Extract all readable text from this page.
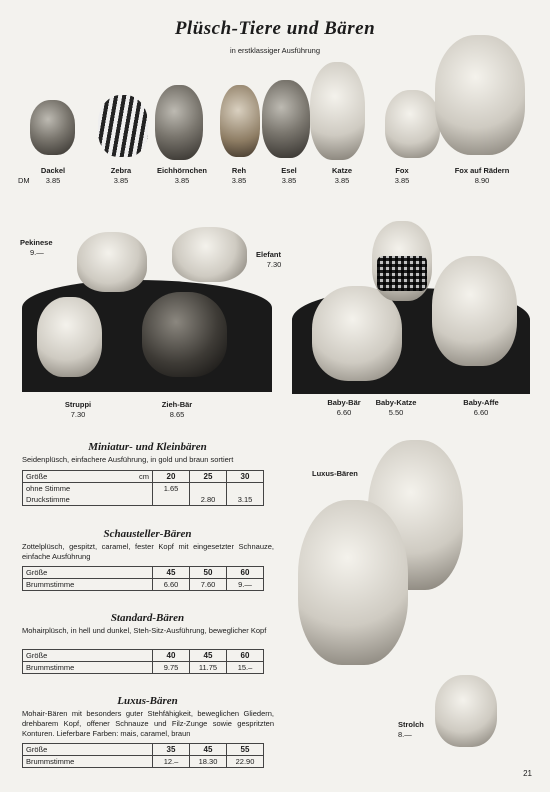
Plüsch-Tiere und Bären
in erstklassiger Ausführung
DM
Dackel
3.85
Zebra
3.85
Eichhörnchen
3.85
Reh
3.85
Esel
3.85
Katze
3.85
Fox
3.85
Fox auf Rädern
8.90
Pekinese
9.—	Elefant
7.30
Struppi
7.30
Zieh-Bär
8.65
Baby-Bär
6.60
Baby-Katze
5.50
Baby-Affe
6.60
Luxus-Bären
Strolch
8.—
Miniatur- und Kleinbären
Seidenplüsch, einfachere Ausführung, in gold und braun sortiert
Größe	cm	20	25	30
ohne Stimme		1.65		
Druckstimme			2.80	3.15
Schausteller-Bären
Zottelplüsch, gespitzt, caramel, fester Kopf mit eingesetzter Schnauze, einfache Ausführung
Größe	45	50	60
Brummstimme	6.60	7.60	9.—
Standard-Bären
Mohairplüsch, in hell und dunkel, Steh-Sitz-Ausführung, beweglicher Kopf
Größe	40	45	60
Brummstimme	9.75	11.75	15.–
Luxus-Bären
Mohair-Bären mit besonders guter Stehfähigkeit, beweglichen Gliedern, drehbarem Kopf, offener Schnauze und Filz-Zunge sowie gespritzten Konturen. Lieferbare Farben: mais, caramel, braun
Größe	35	45	55
Brummstimme	12.–	18.30	22.90
21
